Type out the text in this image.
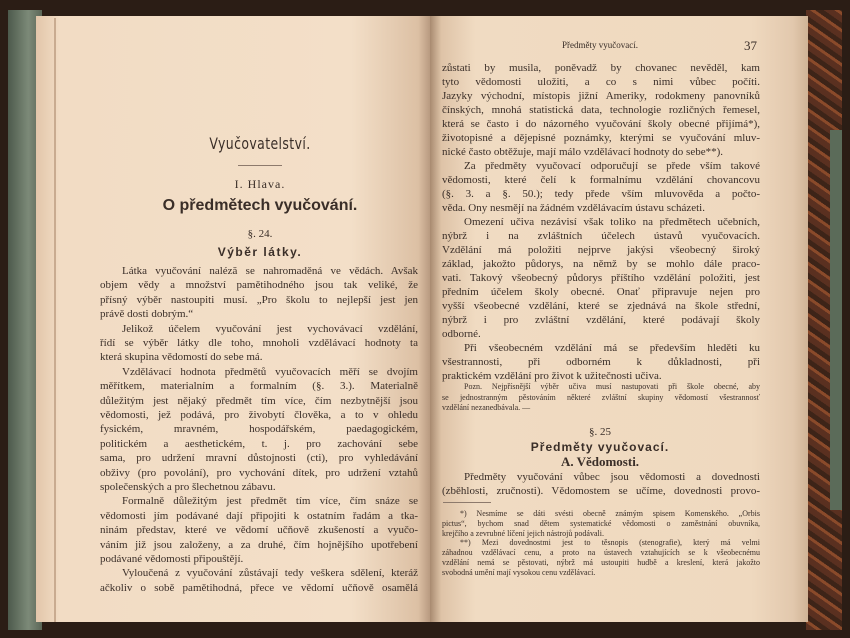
Vyučovatelství.
I. Hlava.
O předmětech vyučování.
§. 24.
Výběr látky.
Předměty vyučovací.	37
§. 25
Předměty vyučovací.
A. Vědomosti.
Látka vyučování naléză se nahromaděná ve vědách. Avšak
objem vědy a množství pamětihodného jsou tak veliké, že
přísný výběr nastoupiti musí. „Pro školu to nejlepší jest jen
právě dosti dobrým.“
Jelikož účelem vyučování jest vychovávací vzdělání,
řídí se výběr látky dle toho, mnoholi vzdělávací hodnoty ta
která skupina vědomostí do sebe má.
Vzdělávací hodnota předmětů vyučovacích měří se dvojím
měřítkem, materialním a formalním (§. 3.). Materialně
důležitým jest nějaký předmět tím více, čím nezbytnější jsou
vědomosti, jež podává, pro živobytí člověka, a to v ohledu
fysickém, mravném, hospodářském, paedagogickém,
politickém a aesthetickém, t. j. pro zachování sebe
sama, pro udržení mravní důstojnosti (cti), pro vyhledávání
obživy (pro povolání), pro vychování dítek, pro udržení vztahů
společenských a pro šlechetnou zábavu.
Formalně důležitým jest předmět tím více, čím snáze se
vědomosti jím podávané dají připojiti k ostatním řadám a tka-
ninám představ, které ve vědomí učňově zkušeností a vyučo-
váním již jsou založeny, a za druhé, čím hojnějšího upotřebení
podávané vědomosti připouštějí.
Vyloučená z vyučování zůstávají tedy veškera sdělení, kteráž
ačkoliv o sobě pamětihodná, přece ve vědomí učňově osamělá
zůstati by musila, poněvadž by chovanec nevěděl, kam
tyto vědomosti uložiti, a co s nimi vůbec počíti.
Jazyky východní, místopis jižní Ameriky, rodokmeny panovníků
čínských, mnohá statistická data, technologie rozličných řemesel,
která se často i do názorného vyučování školy obecné přijímá*),
životopisné a dějepisné poznámky, kterými se vyučování mluv-
nické často obtěžuje, mají málo vzdělávací hodnoty do sebe**).
Za předměty vyučovací odporučují se přede vším takové
vědomosti, které čelí k formalnímu vzdělání chovancovu
(§. 3. a §. 50.); tedy přede vším mluvověda a počto-
věda. Ony nesmějí na žádném vzdělávacím ústavu scházeti.
Omezení učiva nezávisí však toliko na předmětech učebních,
nýbrž i na zvláštních účelech ústavů vyučovacích.
Vzdělání má položiti nejprve jakýsi všeobecný široký
základ, jakožto půdorys, na němž by se mohlo dále praco-
vati. Takový všeobecný půdorys příštího vzdělání položiti, jest
předním účelem školy obecné. Onať připravuje nejen pro
vyšší všeobecné vzdělání, které se zjednává na škole střední,
nýbrž i pro zvláštní vzdělání, které podávají školy
odborné.
Při všeobecném vzdělání má se především hleděti ku
všestrannosti, při odborném k důkladnosti, při
praktickém vzdělání pro život k užitečnosti učiva.
Pozn. Nejpřísnější výběr učiva musí nastupovati při škole obecné, aby
se jednostranným pěstováním některé zvláštní skupiny vědomostí všestrannosť
vzdělání nezanedbávala. —
Předměty vyučování vůbec jsou vědomosti a dovednosti
(zběhlosti, zručnosti). Vědomostem se učíme, dovednosti provo-
*) Nesmíme se dáti svésti obecně známým spisem Komenského. „Orbis
pictus“, bychom snad dětem systematické vědomosti o zaměstnání obuvníka,
krejčího a zevrubné líčení jejich nástrojů podávali.
**) Mezi dovednostmi jest to těsnopis (stenografie), který má velmi
záhadnou vzdělávací cenu, a proto na ústavech vztahujících se k všeobecnému
vzdělání nemá se pěstovati, nýbrž má ustoupiti hudbě a kreslení, která jakožto
svobodná umění mají vysokou cenu vzdělávací.
